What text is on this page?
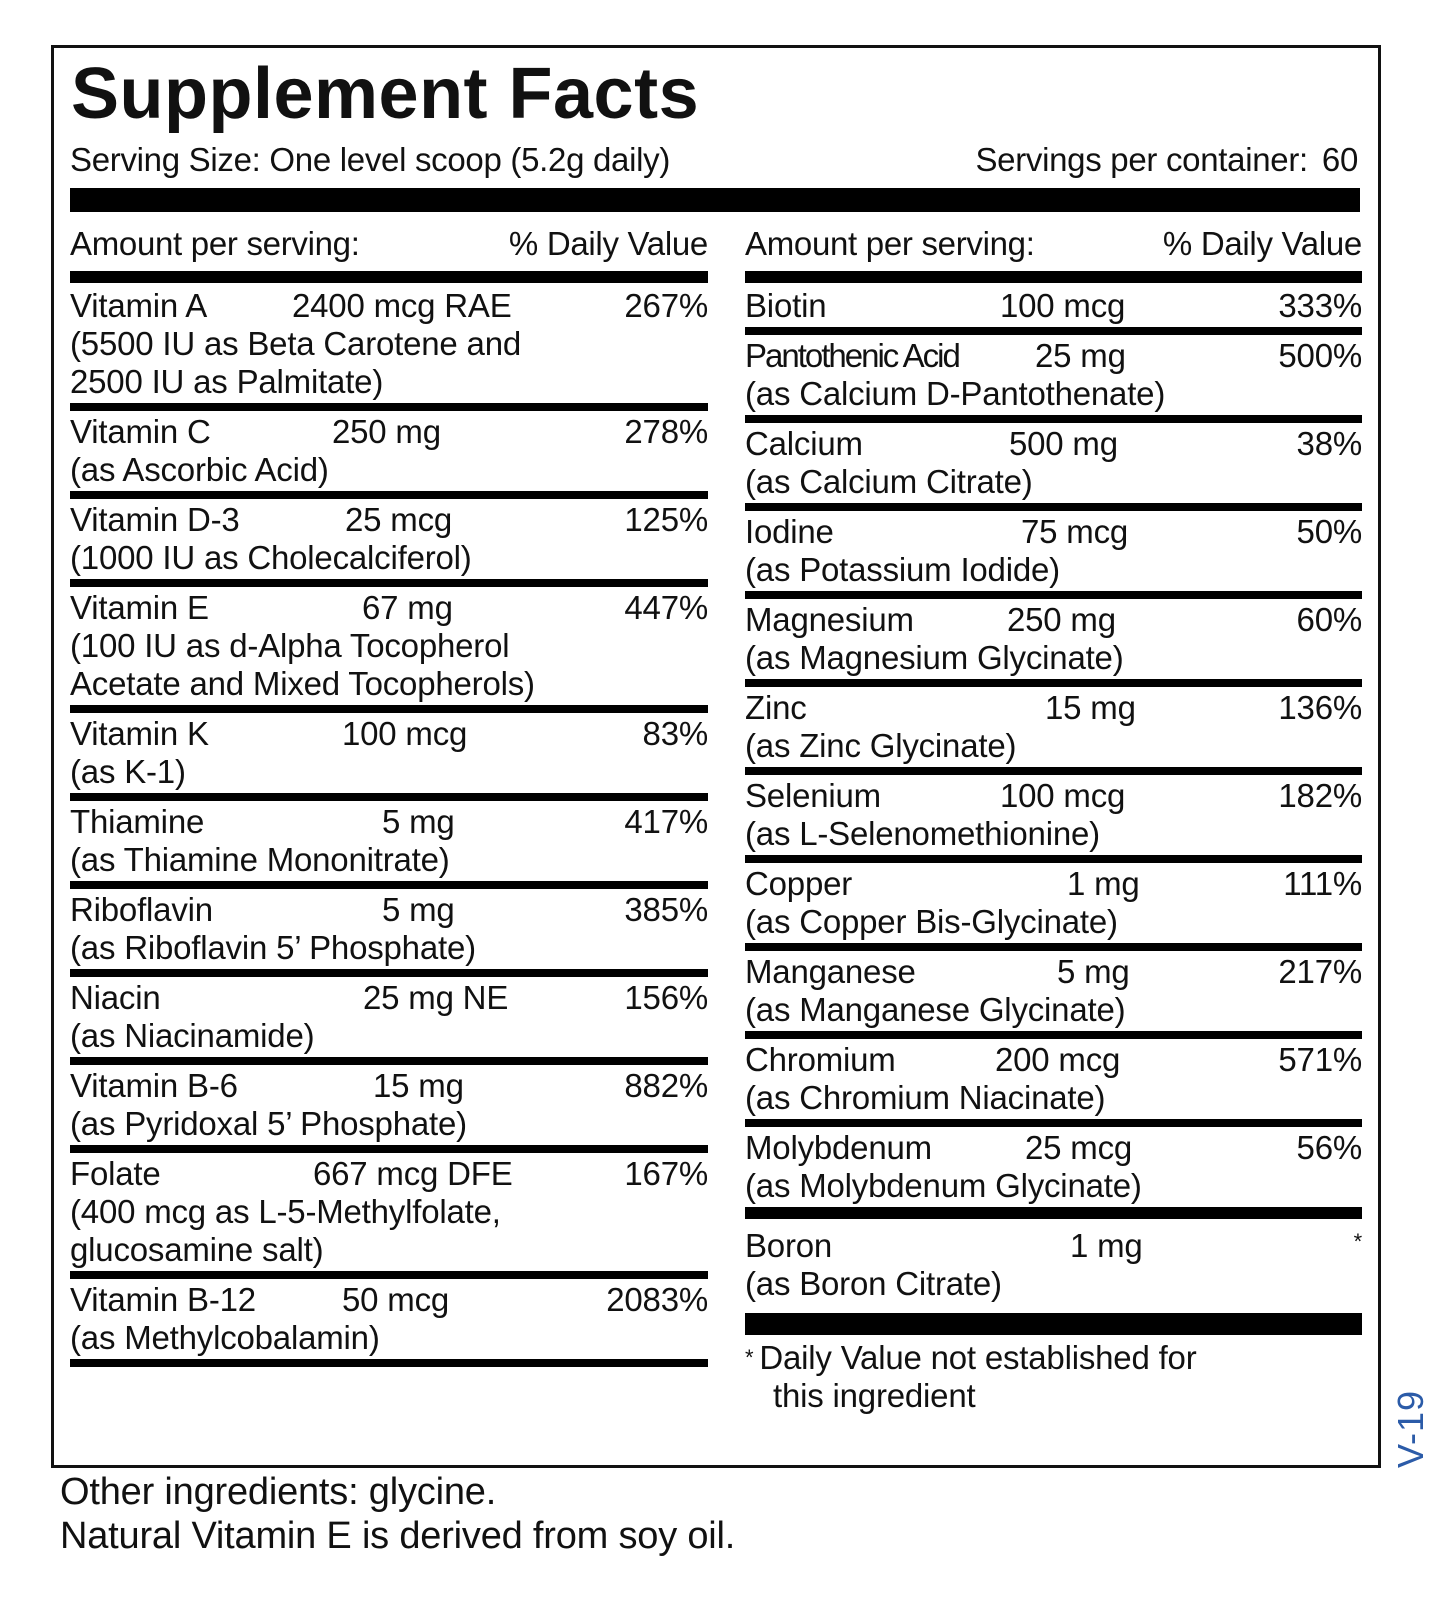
Supplement Facts
Serving Size: One level scoop (5.2g daily)	Servings per container: 60
Amount per serving:	% Daily Value
Vitamin A	2400 mcg RAE	267%
(5500 IU as Beta Carotene and
2500 IU as Palmitate)
Vitamin C	250 mg	278%
(as Ascorbic Acid)
Vitamin D-3	25 mcg	125%
(1000 IU as Cholecalciferol)
Vitamin E	67 mg	447%
(100 IU as d-Alpha Tocopherol
Acetate and Mixed Tocopherols)
Vitamin K	100 mcg	83%
(as K-1)
Thiamine	5 mg	417%
(as Thiamine Mononitrate)
Riboflavin	5 mg	385%
(as Riboflavin 5’ Phosphate)
Niacin	25 mg NE	156%
(as Niacinamide)
Vitamin B-6	15 mg	882%
(as Pyridoxal 5’ Phosphate)
Folate	667 mcg DFE	167%
(400 mcg as L-5-Methylfolate,
glucosamine salt)
Vitamin B-12	50 mcg	2083%
(as Methylcobalamin)
Amount per serving:	% Daily Value
Biotin	100 mcg	333%
Pantothenic Acid 25 mg	500%
(as Calcium D-Pantothenate)
Calcium	500 mg	38%
(as Calcium Citrate)
Iodine	75 mcg	50%
(as Potassium Iodide)
Magnesium	250 mg	60%
(as Magnesium Glycinate)
Zinc	15 mg	136%
(as Zinc Glycinate)
Selenium	100 mcg	182%
(as L-Selenomethionine)
Copper	1 mg	111%
(as Copper Bis-Glycinate)
Manganese	5 mg	217%
(as Manganese Glycinate)
Chromium	200 mcg	571%
(as Chromium Niacinate)
Molybdenum	25 mcg	56%
(as Molybdenum Glycinate)
Boron	1 mg	*
(as Boron Citrate)
* Daily Value not established for
this ingredient	V-19
Other ingredients: glycine.
Natural Vitamin E is derived from soy oil.
